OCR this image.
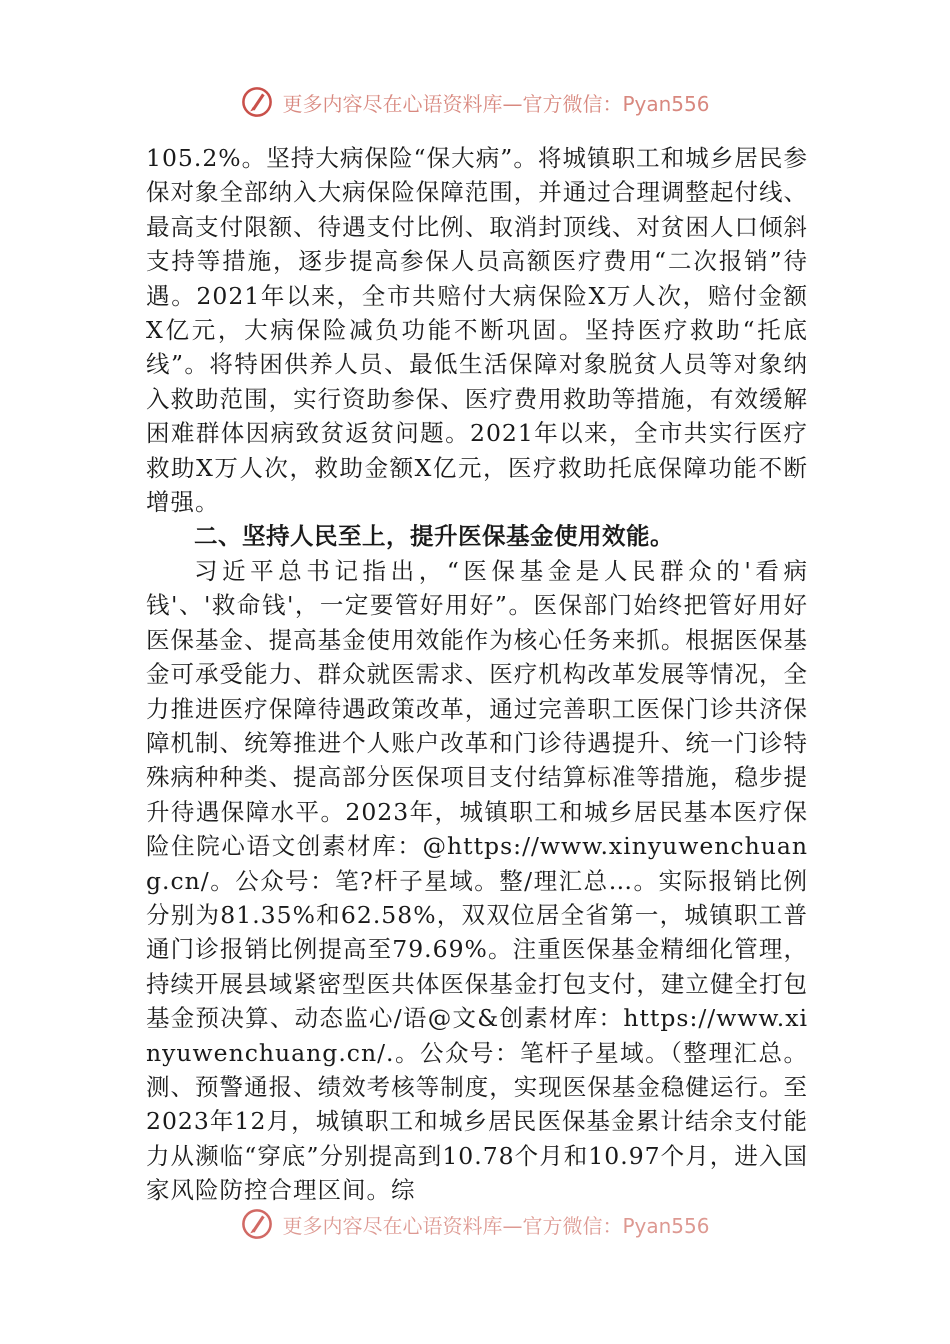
更多内容尽在心语资料库—官方微信：Pyan556

105.2%。坚持大病保险“保大病”。将城镇职工和城乡居民参保对象全部纳入大病保险保障范围，并通过合理调整起付线、最高支付限额、待遇支付比例、取消封顶线、对贫困人口倾斜支持等措施，逐步提高参保人员高额医疗费用“二次报销”待遇。2021年以来，全市共赔付大病保险X万人次，赔付金额X亿元，大病保险减负功能不断巩固。坚持医疗救助“托底线”。将特困供养人员、最低生活保障对象脱贫人员等对象纳入救助范围，实行资助参保、医疗费用救助等措施，有效缓解困难群体因病致贫返贫问题。2021年以来，全市共实行医疗救助X万人次，救助金额X亿元，医疗救助托底保障功能不断增强。

二、坚持人民至上，提升医保基金使用效能。

习近平总书记指出，“医保基金是人民群众的'看病钱'、'救命钱'，一定要管好用好”。医保部门始终把管好用好医保基金、提高基金使用效能作为核心任务来抓。根据医保基金可承受能力、群众就医需求、医疗机构改革发展等情况，全力推进医疗保障待遇政策改革，通过完善职工医保门诊共济保障机制、统筹推进个人账户改革和门诊待遇提升、统一门诊特殊病种种类、提高部分医保项目支付结算标准等措施，稳步提升待遇保障水平。2023年，城镇职工和城乡居民基本医疗保险住院心语文创素材库：@https://www.xinyuwenchuang.cn/。公众号：笔?杆子星域。整/理汇总…。实际报销比例分别为81.35%和62.58%，双双位居全省第一，城镇职工普通门诊报销比例提高至79.69%。注重医保基金精细化管理，持续开展县域紧密型医共体医保基金打包支付，建立健全打包基金预决算、动态监心/语@文&创素材库：https://www.xinyuwenchuang.cn/.。公众号：笔杆子星域。（整理汇总。测、预警通报、绩效考核等制度，实现医保基金稳健运行。至2023年12月，城镇职工和城乡居民医保基金累计结余支付能力从濒临“穿底”分别提高到10.78个月和10.97个月，进入国家风险防控合理区间。综

更多内容尽在心语资料库—官方微信：Pyan556
